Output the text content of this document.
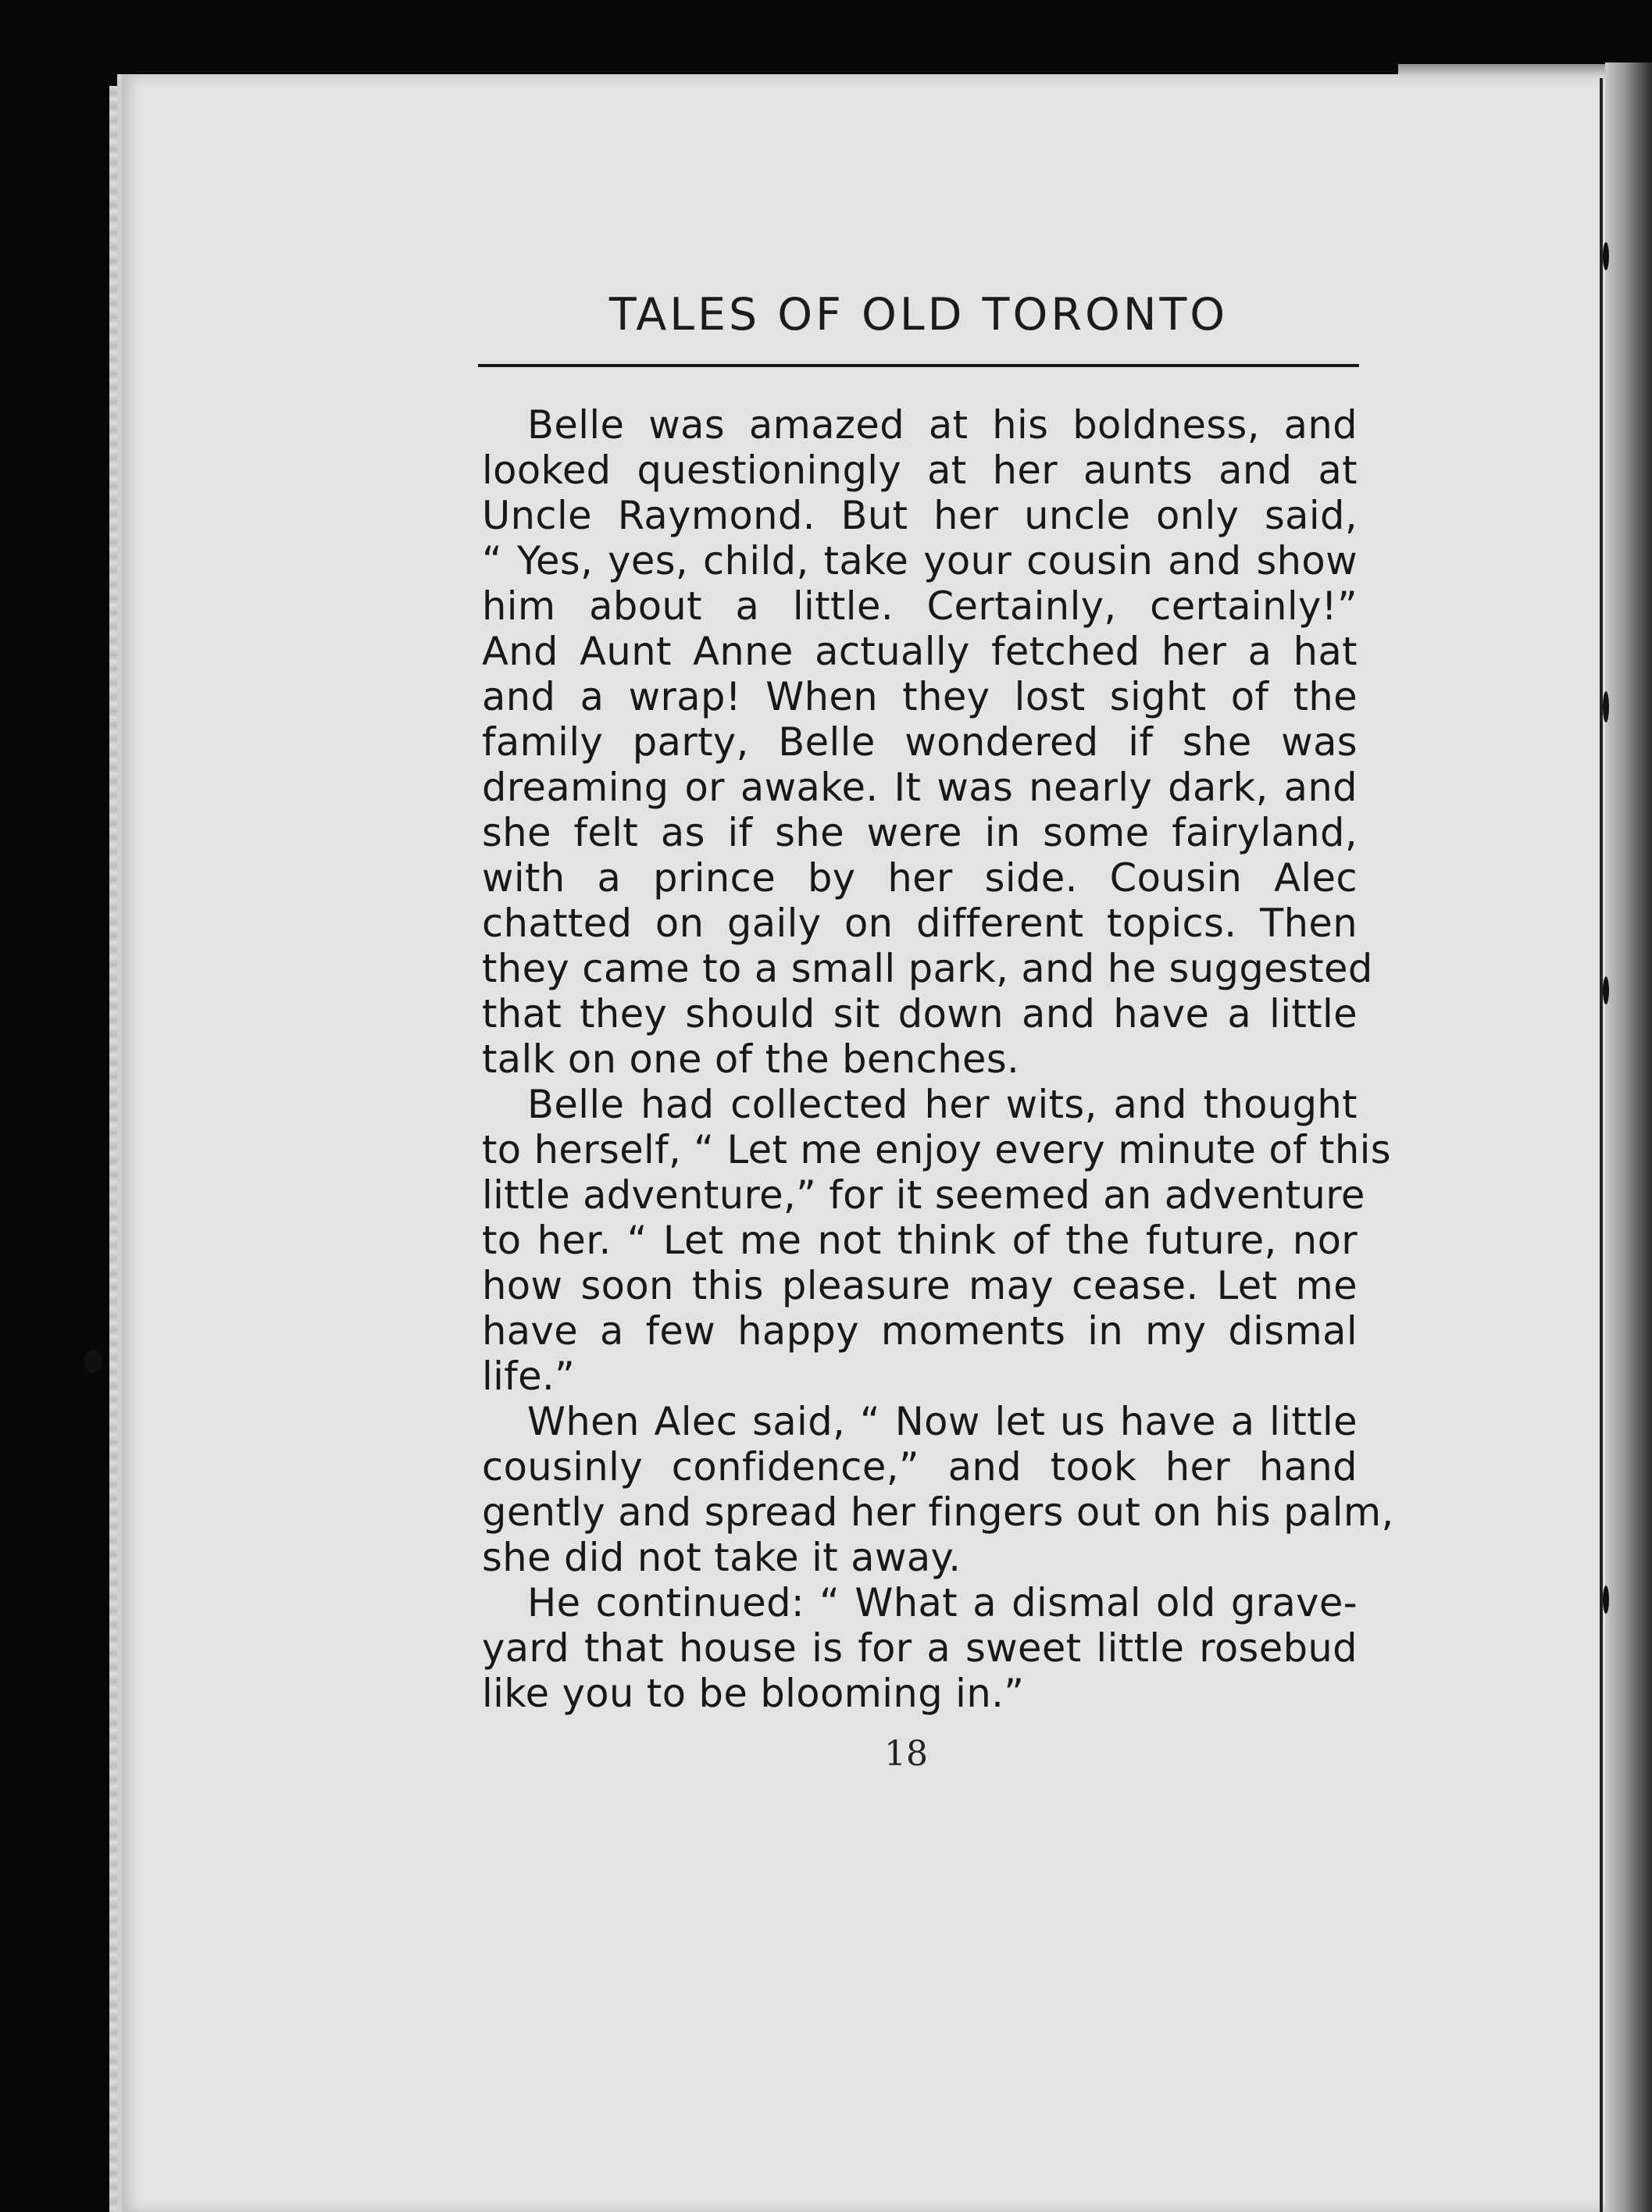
TALES OF OLD TORONTO
Belle was amazed at his boldness, and
looked questioningly at her aunts and at
Uncle Raymond. But her uncle only said,
“ Yes, yes, child, take your cousin and show
him about a little. Certainly, certainly!”
And Aunt Anne actually fetched her a hat
and a wrap! When they lost sight of the
family party, Belle wondered if she was
dreaming or awake. It was nearly dark, and
she felt as if she were in some fairyland,
with a prince by her side. Cousin Alec
chatted on gaily on different topics. Then
they came to a small park, and he suggested
that they should sit down and have a little
talk on one of the benches.
Belle had collected her wits, and thought
to herself, “ Let me enjoy every minute of this
little adventure,” for it seemed an adventure
to her. “ Let me not think of the future, nor
how soon this pleasure may cease. Let me
have a few happy moments in my dismal
life.”
When Alec said, “ Now let us have a little
cousinly confidence,” and took her hand
gently and spread her fingers out on his palm,
she did not take it away.
He continued: “ What a dismal old grave-
yard that house is for a sweet little rosebud
like you to be blooming in.”
18
